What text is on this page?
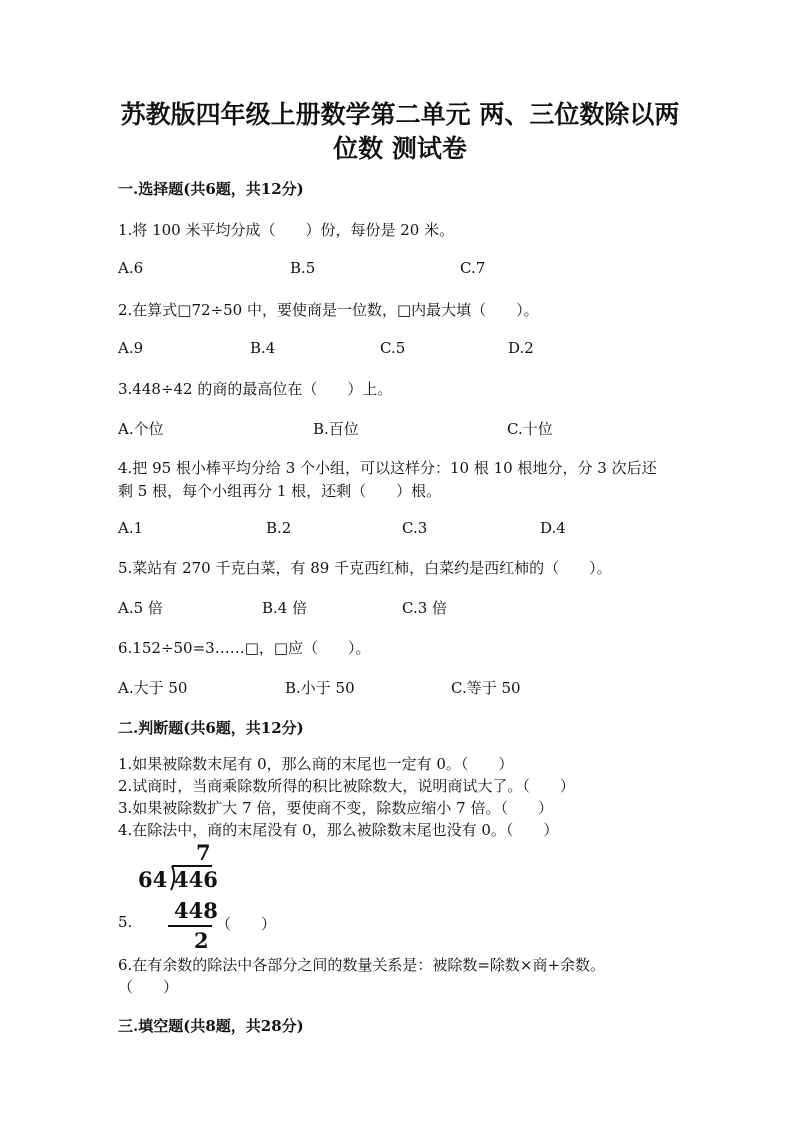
苏教版四年级上册数学第二单元 两、三位数除以两
位数 测试卷

一.选择题(共6题，共12分)

1.将 100 米平均分成（　　）份，每份是 20 米。

A.6	B.5	C.7

2.在算式□72÷50 中，要使商是一位数，□内最大填（　　）。

A.9	B.4	C.5	D.2

3.448÷42 的商的最高位在（　　）上。

A.个位	B.百位	C.十位

4.把 95 根小棒平均分给 3 个小组，可以这样分：10 根 10 根地分，分 3 次后还

剩 5 根，每个小组再分 1 根，还剩（　　）根。

A.1	B.2	C.3	D.4

5.菜站有 270 千克白菜，有 89 千克西红柿，白菜约是西红柿的（　　）。

A.5 倍	B.4 倍	C.3 倍

6.152÷50=3……□，□应（　　）。

A.大于 50	B.小于 50	C.等于 50

二.判断题(共6题，共12分)

1.如果被除数末尾有 0，那么商的末尾也一定有 0。（　　）

2.试商时，当商乘除数所得的积比被除数大，说明商试大了。（　　）

3.如果被除数扩大 7 倍，要使商不变，除数应缩小 7 倍。（　　）

4.在除法中，商的末尾没有 0，那么被除数末尾也没有 0。（　　）

7
64 446
448
2

5.	（　　）

6.在有余数的除法中各部分之间的数量关系是：被除数=除数×商+余数。

（　　）

三.填空题(共8题，共28分)
